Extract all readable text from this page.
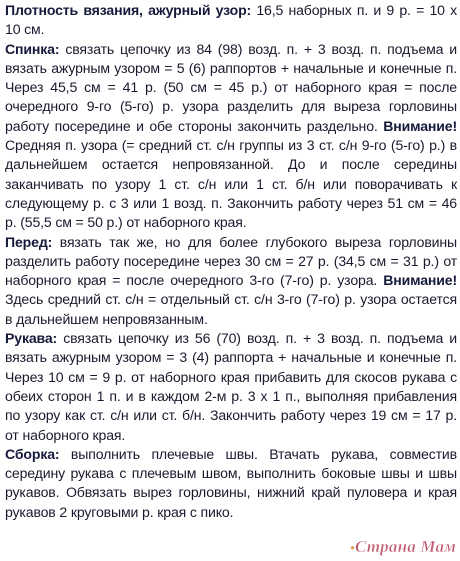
Плотность вязания, ажурный узор: 16,5 наборных п. и 9 р. = 10 х 10 см.

Спинка: связать цепочку из 84 (98) возд. п. + 3 возд. п. подъема и вязать ажурным узором = 5 (6) раппортов + начальные и конечные п. Через 45,5 см = 41 р. (50 см = 45 р.) от наборного края = после очередного 9-го (5-го) р. узора разделить для выреза горловины работу посередине и обе стороны закончить раздельно. Внимание! Средняя п. узора (= средний ст. с/н группы из 3 ст. с/н 9-го (5-го) р.) в дальнейшем остается непровязанной. До и после середины заканчивать по узору 1 ст. с/н или 1 ст. б/н или поворачивать к следующему р. с 3 или 1 возд. п. Закончить работу через 51 см = 46 р. (55,5 см = 50 р.) от наборного края.

Перед: вязать так же, но для более глубокого выреза горловины разделить работу посередине через 30 см = 27 р. (34,5 см = 31 р.) от наборного края = после очередного 3-го (7-го) р. узора. Внимание! Здесь средний ст. с/н = отдельный ст. с/н 3-го (7-го) р. узора остается в дальнейшем непровязанным.

Рукава: связать цепочку из 56 (70) возд. п. + 3 возд. п. подъема и вязать ажурным узором = 3 (4) раппорта + начальные и конечные п. Через 10 см = 9 р. от наборного края прибавить для скосов рукава с обеих сторон 1 п. и в каждом 2-м р. 3 х 1 п., выполняя прибавления по узору как ст. с/н или ст. б/н. Закончить работу через 19 см = 17 р. от наборного края.

Сборка: выполнить плечевые швы. Втачать рукава, совместив середину рукава с плечевым швом, выполнить боковые швы и швы рукавов. Обвязать вырез горловины, нижний край пуловера и края рукавов 2 круговыми р. края с пико.

•Страна Мам
